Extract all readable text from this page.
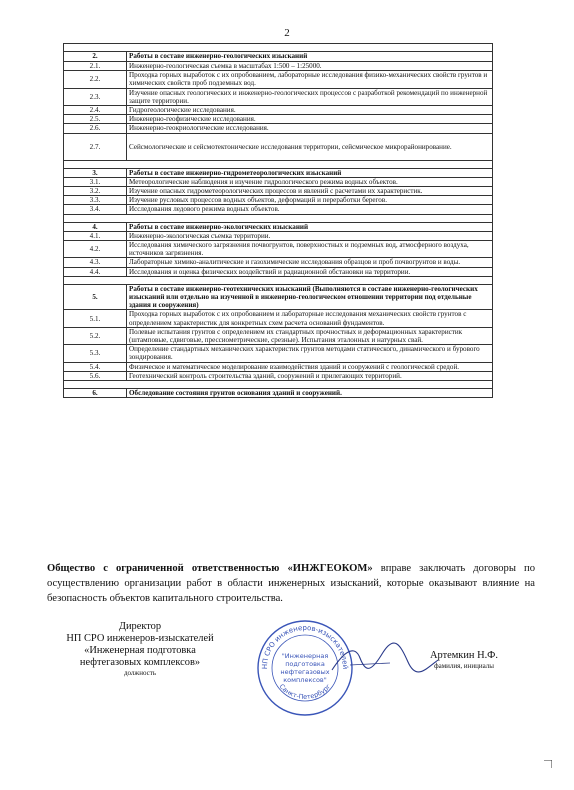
2

2.	Работы в составе инженерно-геологических изысканий
2.1.	Инженерно-геологическая съемка в масштабах 1:500 – 1:25000.
2.2.	Проходка горных выработок с их опробованием, лабораторные исследования физико-механических свойств грунтов и химических свойств проб подземных вод.
2.3.	Изучение опасных геологических и инженерно-геологических процессов с разработкой рекомендаций по инженерной защите территории.
2.4.	Гидрогеологические исследования.
2.5.	Инженерно-геофизические исследования.
2.6.	Инженерно-геокриологические исследования.
2.7.	Сейсмологические и сейсмотектонические исследования территории, сейсмическое микрорайонирование.

3.	Работы в составе инженерно-гидрометеорологических изысканий
3.1.	Метеорологические наблюдения и изучение гидрологического режима водных объектов.
3.2.	Изучение опасных гидрометеорологических процессов и явлений с расчетами их характеристик.
3.3.	Изучение русловых процессов водных объектов, деформаций и переработки берегов.
3.4.	Исследования ледового режима водных объектов.

4.	Работы в составе инженерно-экологических изысканий
4.1.	Инженерно-экологическая съемка территории.
4.2.	Исследования химического загрязнения почвогрунтов, поверхностных и подземных вод, атмосферного воздуха, источников загрязнения.
4.3.	Лабораторные химико-аналитические и газохимические исследования образцов и проб почвогрунтов и воды.
4.4.	Исследования и оценка физических воздействий и радиационной обстановки на территории.

5.	Работы в составе инженерно-геотехнических изысканий (Выполняются в составе инженерно-геологических изысканий или отдельно на изученной в инженерно-геологическом отношении территории под отдельные здания и сооружения)
5.1.	Проходка горных выработок с их опробованием и лабораторные исследования механических свойств грунтов с определением характеристик для конкретных схем расчета оснований фундаментов.
5.2.	Полевые испытания грунтов с определением их стандартных прочностных и деформационных характеристик (штамповые, сдвиговые, прессиометрические, срезные). Испытания эталонных и натурных свай.
5.3.	Определение стандартных механических характеристик грунтов методами статического, динамического и бурового зондирования.
5.4.	Физическое и математическое моделирование взаимодействия зданий и сооружений с геологической средой.
5.6.	Геотехнический контроль строительства зданий, сооружений и прилегающих территорий.

6.	Обследование состояния грунтов основания зданий и сооружений.
Общество с ограниченной ответственностью «ИНЖГЕОКОМ» вправе заключать договоры по осуществлению организации работ в области инженерных изысканий, которые оказывают влияние на безопасность объектов капитального строительства.
Директор
НП СРО инженеров-изыскателей
«Инженерная подготовка
нефтегазовых комплексов»
должность
НП СРО инженеров-изыскателей
Санкт-Петербург
"Инженерная
подготовка
нефтегазовых
комплексов"
Артемкин Н.Ф.
фамилия, инициалы
